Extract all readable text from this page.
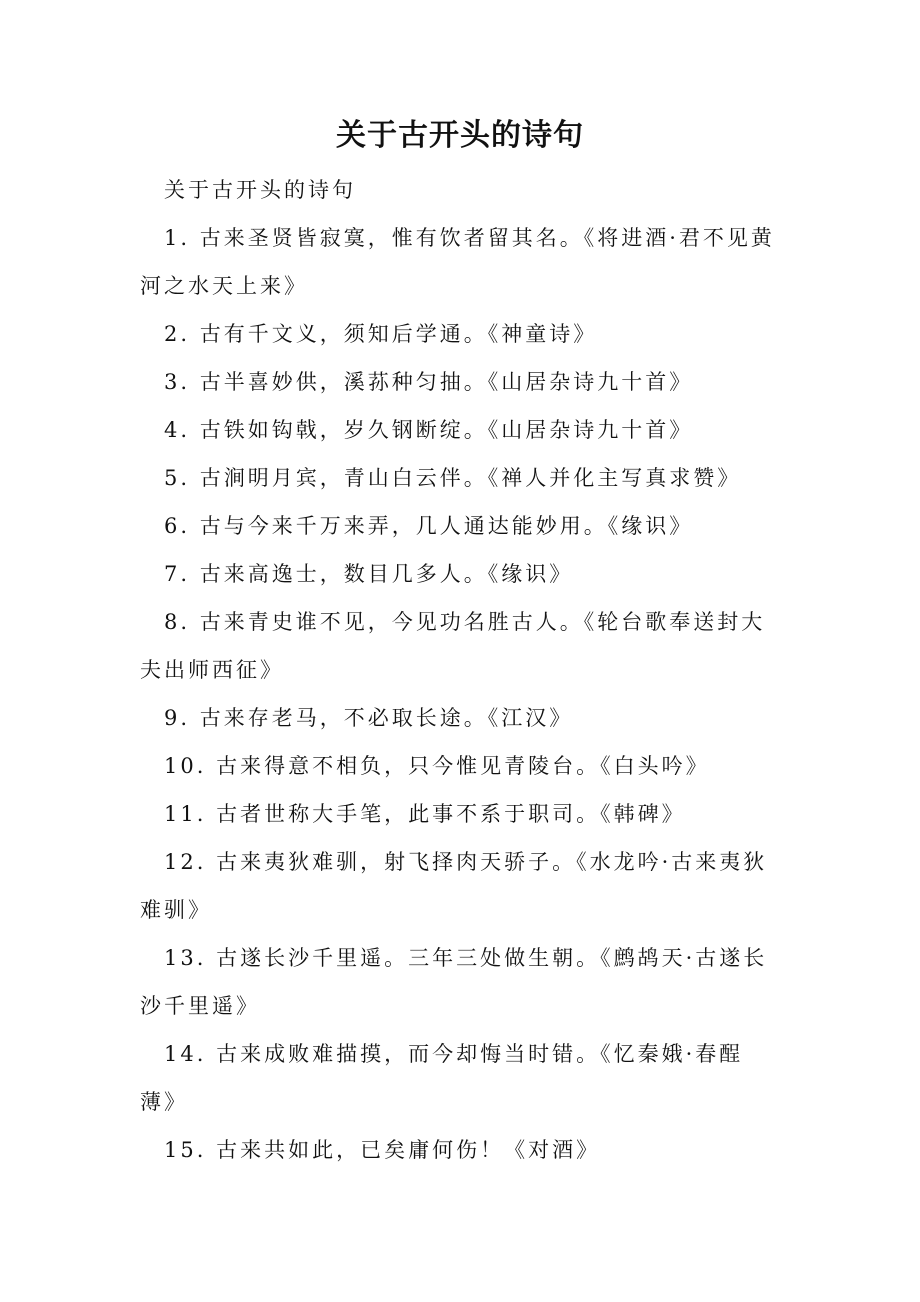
关于古开头的诗句

关于古开头的诗句

1. 古来圣贤皆寂寞，惟有饮者留其名。《将进酒·君不见黄河之水天上来》

2. 古有千文义，须知后学通。《神童诗》

3. 古半喜妙供，溪荪种匀抽。《山居杂诗九十首》

4. 古铁如钩戟，岁久钢断绽。《山居杂诗九十首》

5. 古涧明月宾，青山白云伴。《禅人并化主写真求赞》

6. 古与今来千万来弄，几人通达能妙用。《缘识》

7. 古来高逸士，数目几多人。《缘识》

8. 古来青史谁不见，今见功名胜古人。《轮台歌奉送封大夫出师西征》

9. 古来存老马，不必取长途。《江汉》

10. 古来得意不相负，只今惟见青陵台。《白头吟》

11. 古者世称大手笔，此事不系于职司。《韩碑》

12. 古来夷狄难驯，射飞择肉天骄子。《水龙吟·古来夷狄难驯》

13. 古遂长沙千里遥。三年三处做生朝。《鹧鸪天·古遂长沙千里遥》

14. 古来成败难描摸，而今却悔当时错。《忆秦娥·春酲薄》

15. 古来共如此，已矣庸何伤！《对酒》
